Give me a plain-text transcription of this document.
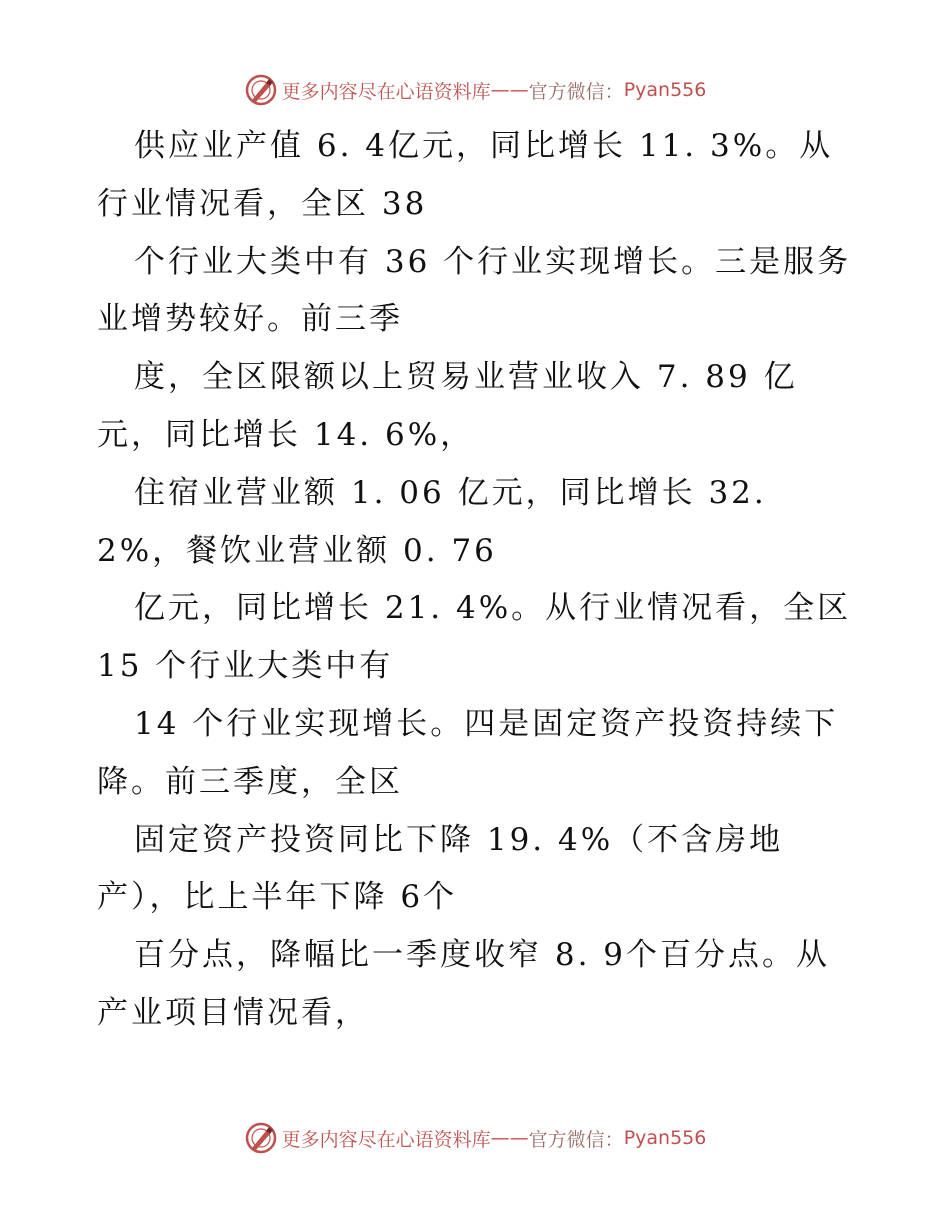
更多内容尽在心语资料库 —— 官方微信： Pyan556
供应业产值 6. 4亿元，同比增长 11. 3%。从
行业情况看，全区 38
个行业大类中有 36 个行业实现增长。三是服务
业增势较好。前三季
度，全区限额以上贸易业营业收入 7. 89 亿
元，同比增长 14. 6%，
住宿业营业额 1. 06 亿元，同比增长 32.
2%，餐饮业营业额 0. 76
亿元，同比增长 21. 4%。从行业情况看，全区
15 个行业大类中有
14 个行业实现增长。四是固定资产投资持续下
降。前三季度，全区
固定资产投资同比下降 19. 4%（不含房地
产），比上半年下降 6个
百分点，降幅比一季度收窄 8. 9个百分点。从
产业项目情况看，
更多内容尽在心语资料库 —— 官方微信： Pyan556
